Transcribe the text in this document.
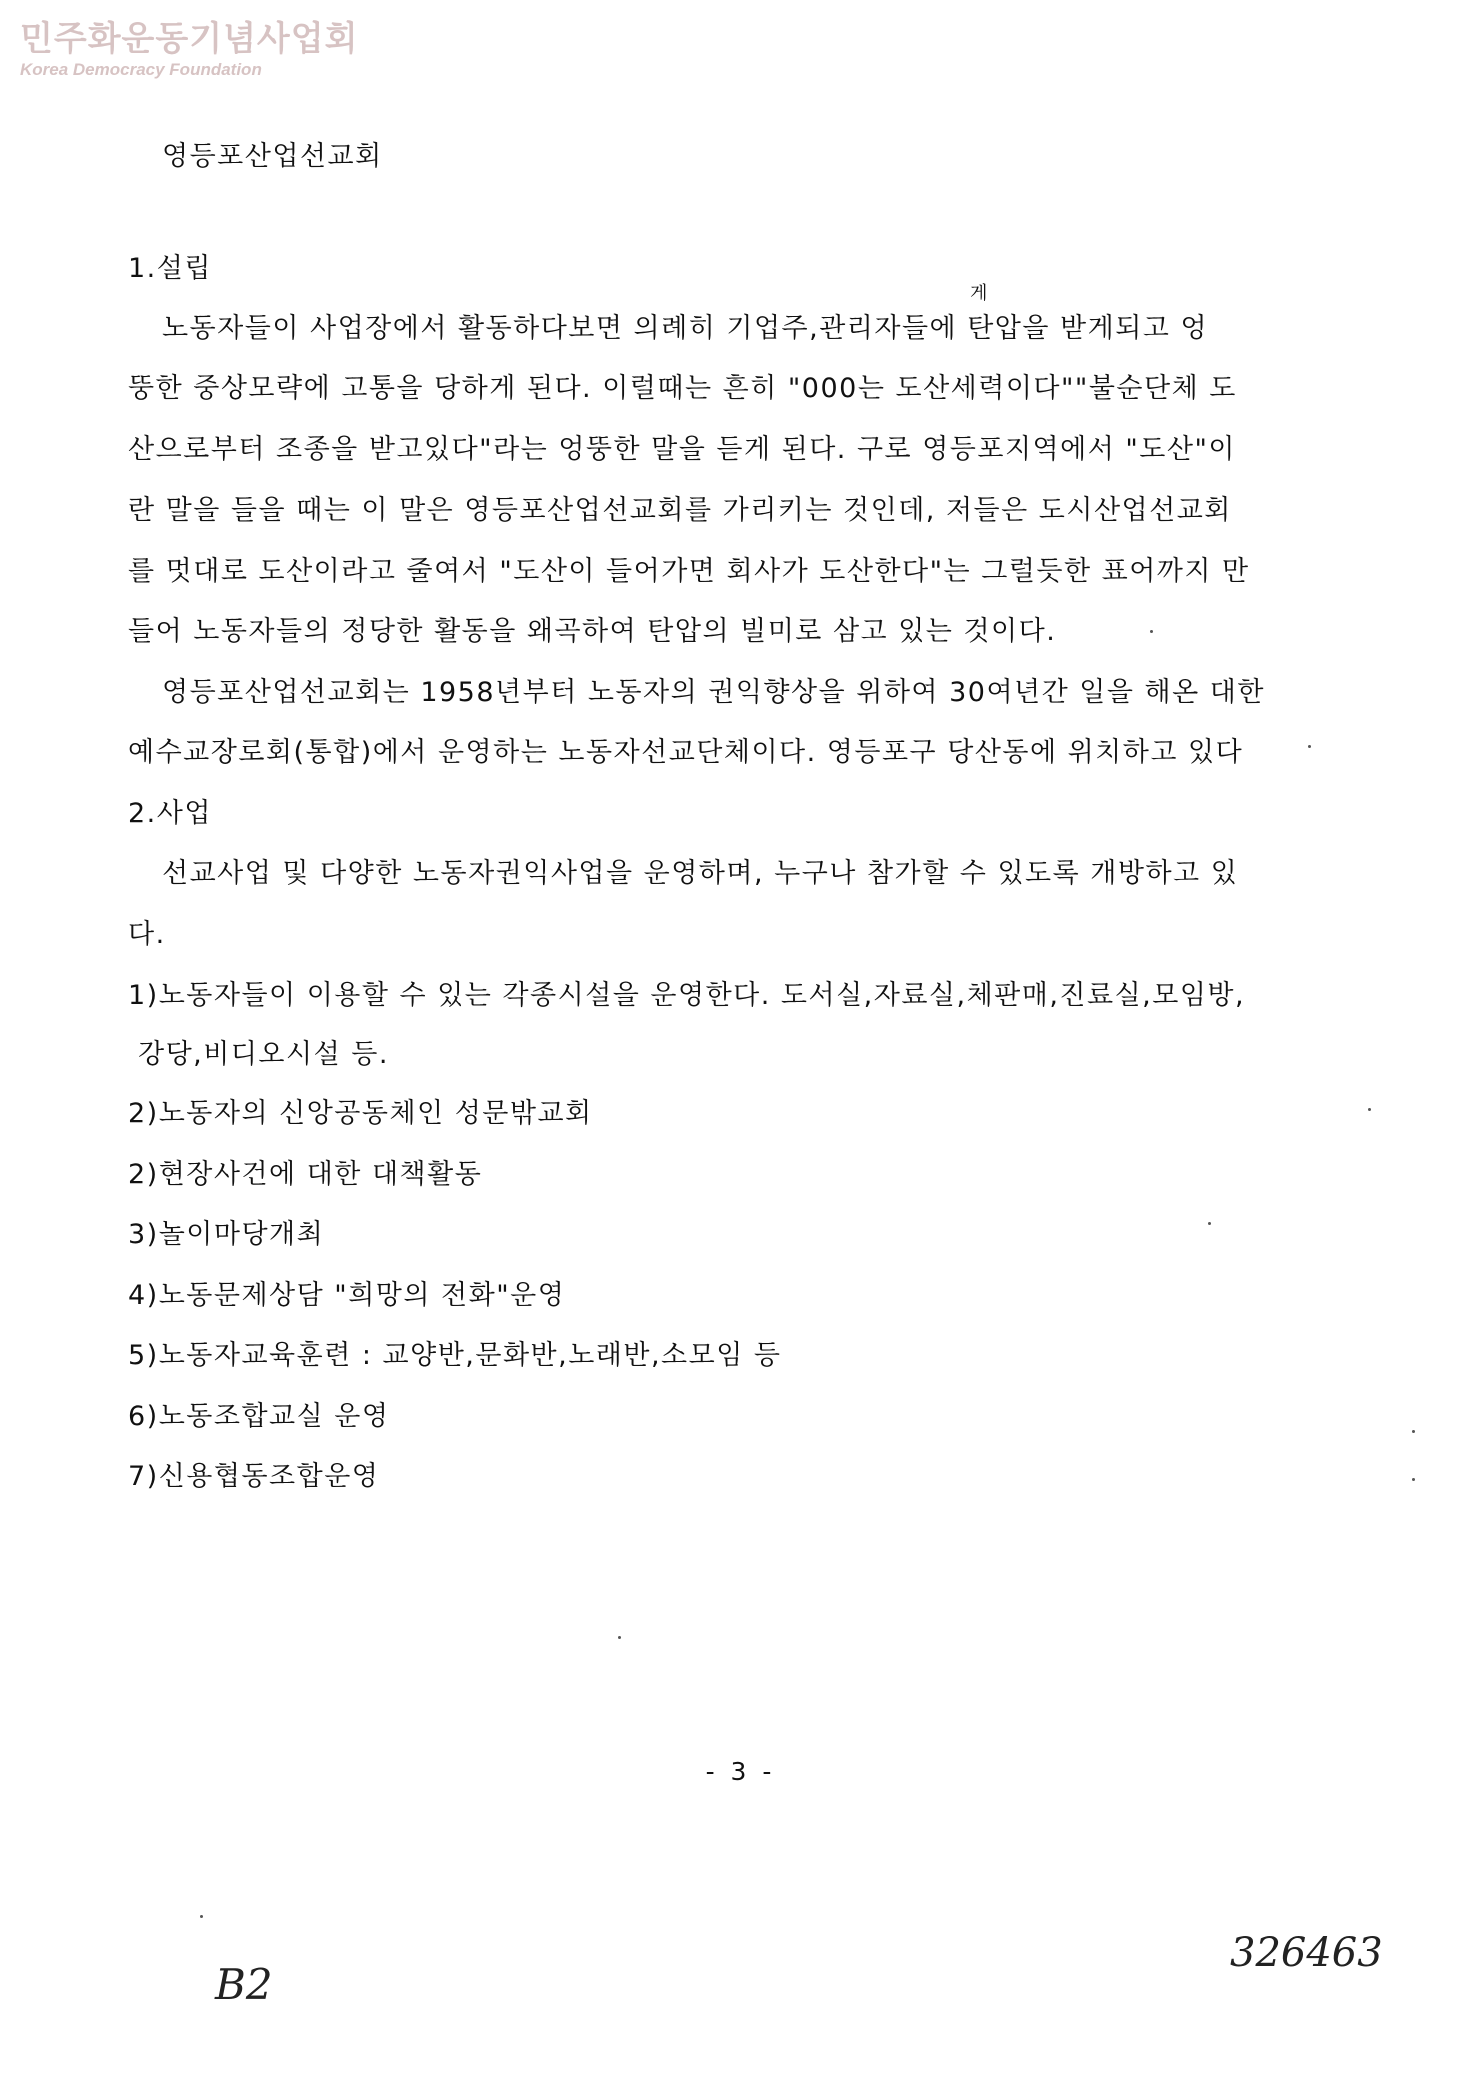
민주화운동기념사업회
Korea Democracy Foundation
영등포산업선교회
1.설립
게
노동자들이 사업장에서 활동하다보면 의례히 기업주,관리자들에 탄압을 받게되고 엉
뚱한 중상모략에 고통을 당하게 된다. 이럴때는 흔히 "000는 도산세력이다""불순단체 도
산으로부터 조종을 받고있다"라는 엉뚱한 말을 듣게 된다. 구로 영등포지역에서 "도산"이
란 말을 들을 때는 이 말은 영등포산업선교회를 가리키는 것인데, 저들은 도시산업선교회
를 멋대로 도산이라고 줄여서 "도산이 들어가면 회사가 도산한다"는 그럴듯한 표어까지 만
들어 노동자들의 정당한 활동을 왜곡하여 탄압의 빌미로 삼고 있는 것이다.
영등포산업선교회는 1958년부터 노동자의 권익향상을 위하여 30여년간 일을 해온 대한
예수교장로회(통합)에서 운영하는 노동자선교단체이다. 영등포구 당산동에 위치하고 있다
2.사업
선교사업 및 다양한 노동자권익사업을 운영하며, 누구나 참가할 수 있도록 개방하고 있
다.
1)노동자들이 이용할 수 있는 각종시설을 운영한다. 도서실,자료실,체판매,진료실,모임방,
강당,비디오시설 등.
2)노동자의 신앙공동체인 성문밖교회
2)현장사건에 대한 대책활동
3)놀이마당개최
4)노동문제상담 "희망의 전화"운영
5)노동자교육훈련 : 교양반,문화반,노래반,소모임 등
6)노동조합교실 운영
7)신용협동조합운영
- 3 -
B2
326463
